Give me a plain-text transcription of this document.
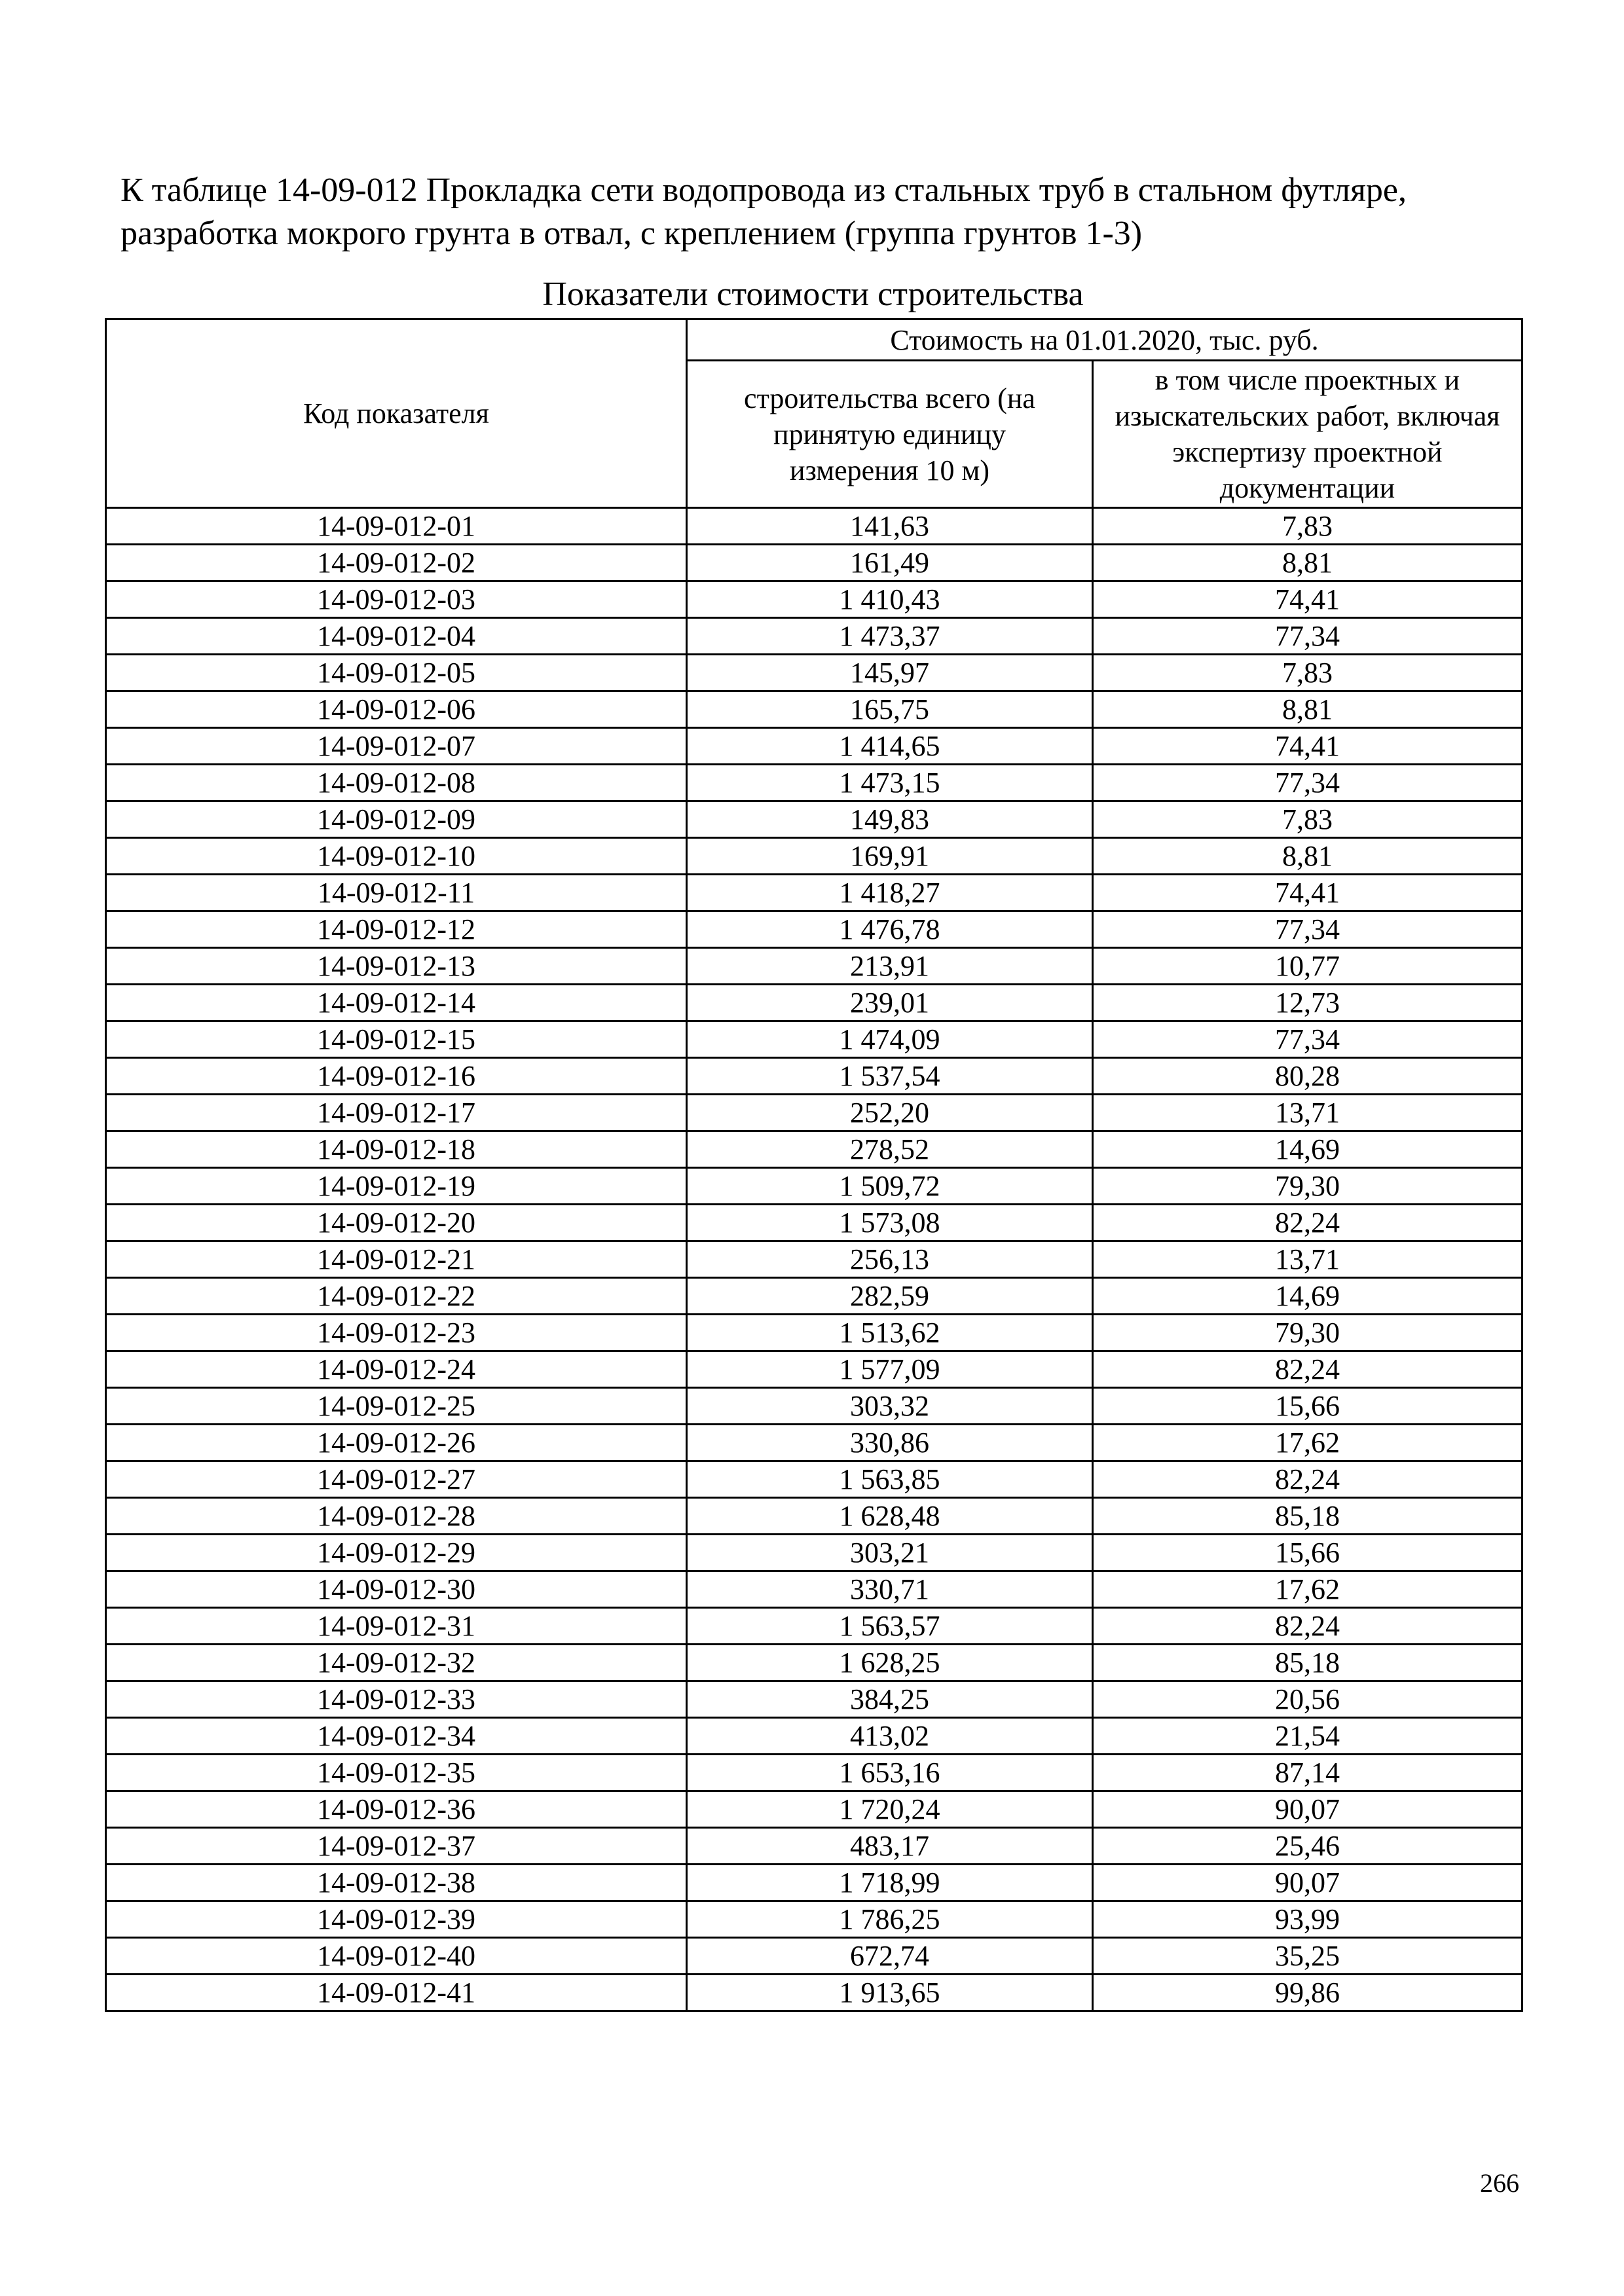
К таблице 14-09-012 Прокладка сети водопровода из стальных труб в стальном футляре, разработка мокрого грунта в отвал, с креплением (группа грунтов 1-3)

Показатели стоимости строительства
Код показателя	Стоимость на 01.01.2020, тыс. руб.	

	строительства всего (на принятую единицу измерения 10 м)	в том числе проектных и изыскательских работ, включая экспертизу проектной документации

14-09-012-01	141,63	7,83
14-09-012-02	161,49	8,81
14-09-012-03	1 410,43	74,41
14-09-012-04	1 473,37	77,34
14-09-012-05	145,97	7,83
14-09-012-06	165,75	8,81
14-09-012-07	1 414,65	74,41
14-09-012-08	1 473,15	77,34
14-09-012-09	149,83	7,83
14-09-012-10	169,91	8,81
14-09-012-11	1 418,27	74,41
14-09-012-12	1 476,78	77,34
14-09-012-13	213,91	10,77
14-09-012-14	239,01	12,73
14-09-012-15	1 474,09	77,34
14-09-012-16	1 537,54	80,28
14-09-012-17	252,20	13,71
14-09-012-18	278,52	14,69
14-09-012-19	1 509,72	79,30
14-09-012-20	1 573,08	82,24
14-09-012-21	256,13	13,71
14-09-012-22	282,59	14,69
14-09-012-23	1 513,62	79,30
14-09-012-24	1 577,09	82,24
14-09-012-25	303,32	15,66
14-09-012-26	330,86	17,62
14-09-012-27	1 563,85	82,24
14-09-012-28	1 628,48	85,18
14-09-012-29	303,21	15,66
14-09-012-30	330,71	17,62
14-09-012-31	1 563,57	82,24
14-09-012-32	1 628,25	85,18
14-09-012-33	384,25	20,56
14-09-012-34	413,02	21,54
14-09-012-35	1 653,16	87,14
14-09-012-36	1 720,24	90,07
14-09-012-37	483,17	25,46
14-09-012-38	1 718,99	90,07
14-09-012-39	1 786,25	93,99
14-09-012-40	672,74	35,25
14-09-012-41	1 913,65	99,86
266
